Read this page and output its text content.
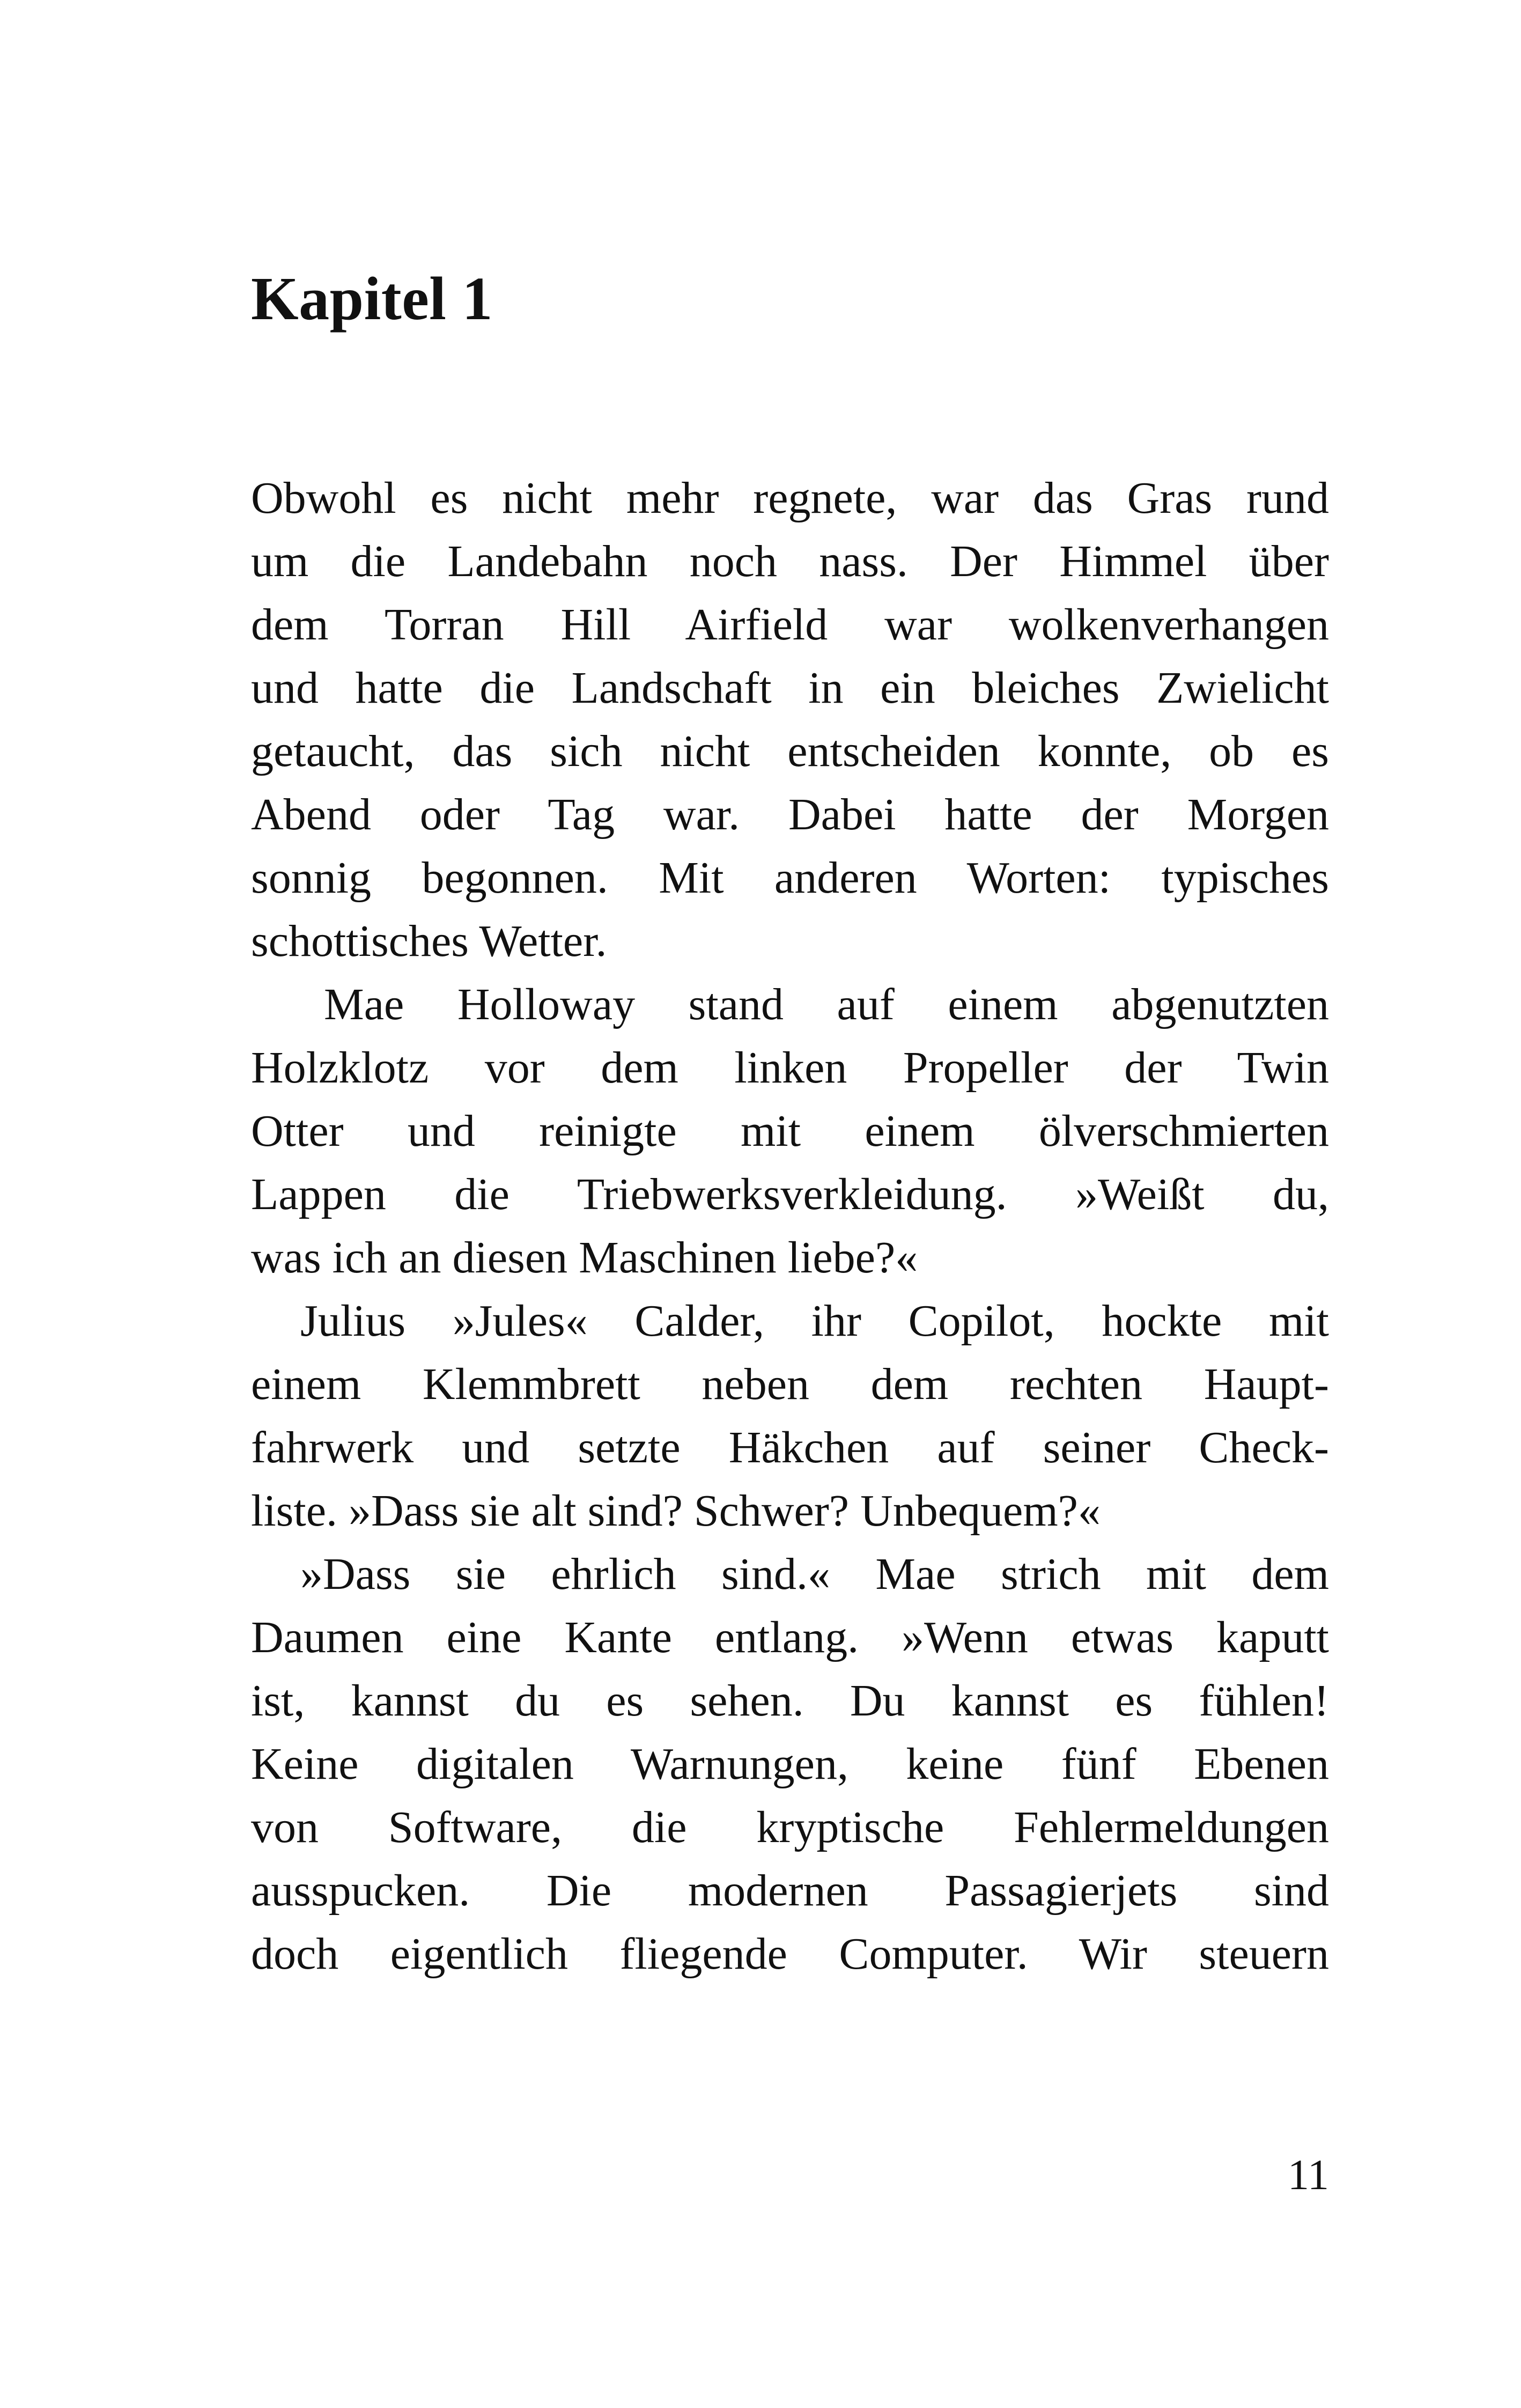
Kapitel 1
Obwohl es nicht mehr regnete, war das Gras rund
um die Landebahn noch nass. Der Himmel über
dem Torran Hill Airfield war wolkenverhangen
und hatte die Landschaft in ein bleiches Zwielicht
getaucht, das sich nicht entscheiden konnte, ob es
Abend oder Tag war. Dabei hatte der Morgen
sonnig begonnen. Mit anderen Worten: typisches
schottisches Wetter.
Mae Holloway stand auf einem abgenutzten
Holzklotz vor dem linken Propeller der Twin
Otter und reinigte mit einem ölverschmierten
Lappen die Triebwerksverkleidung. »Weißt du,
was ich an diesen Maschinen liebe?«
Julius »Jules« Calder, ihr Copilot, hockte mit
einem Klemmbrett neben dem rechten Haupt-
fahrwerk und setzte Häkchen auf seiner Check-
liste. »Dass sie alt sind? Schwer? Unbequem?«
»Dass sie ehrlich sind.« Mae strich mit dem
Daumen eine Kante entlang. »Wenn etwas kaputt
ist, kannst du es sehen. Du kannst es fühlen!
Keine digitalen Warnungen, keine fünf Ebenen
von Software, die kryptische Fehlermeldungen
ausspucken. Die modernen Passagierjets sind
doch eigentlich fliegende Computer. Wir steuern

11
